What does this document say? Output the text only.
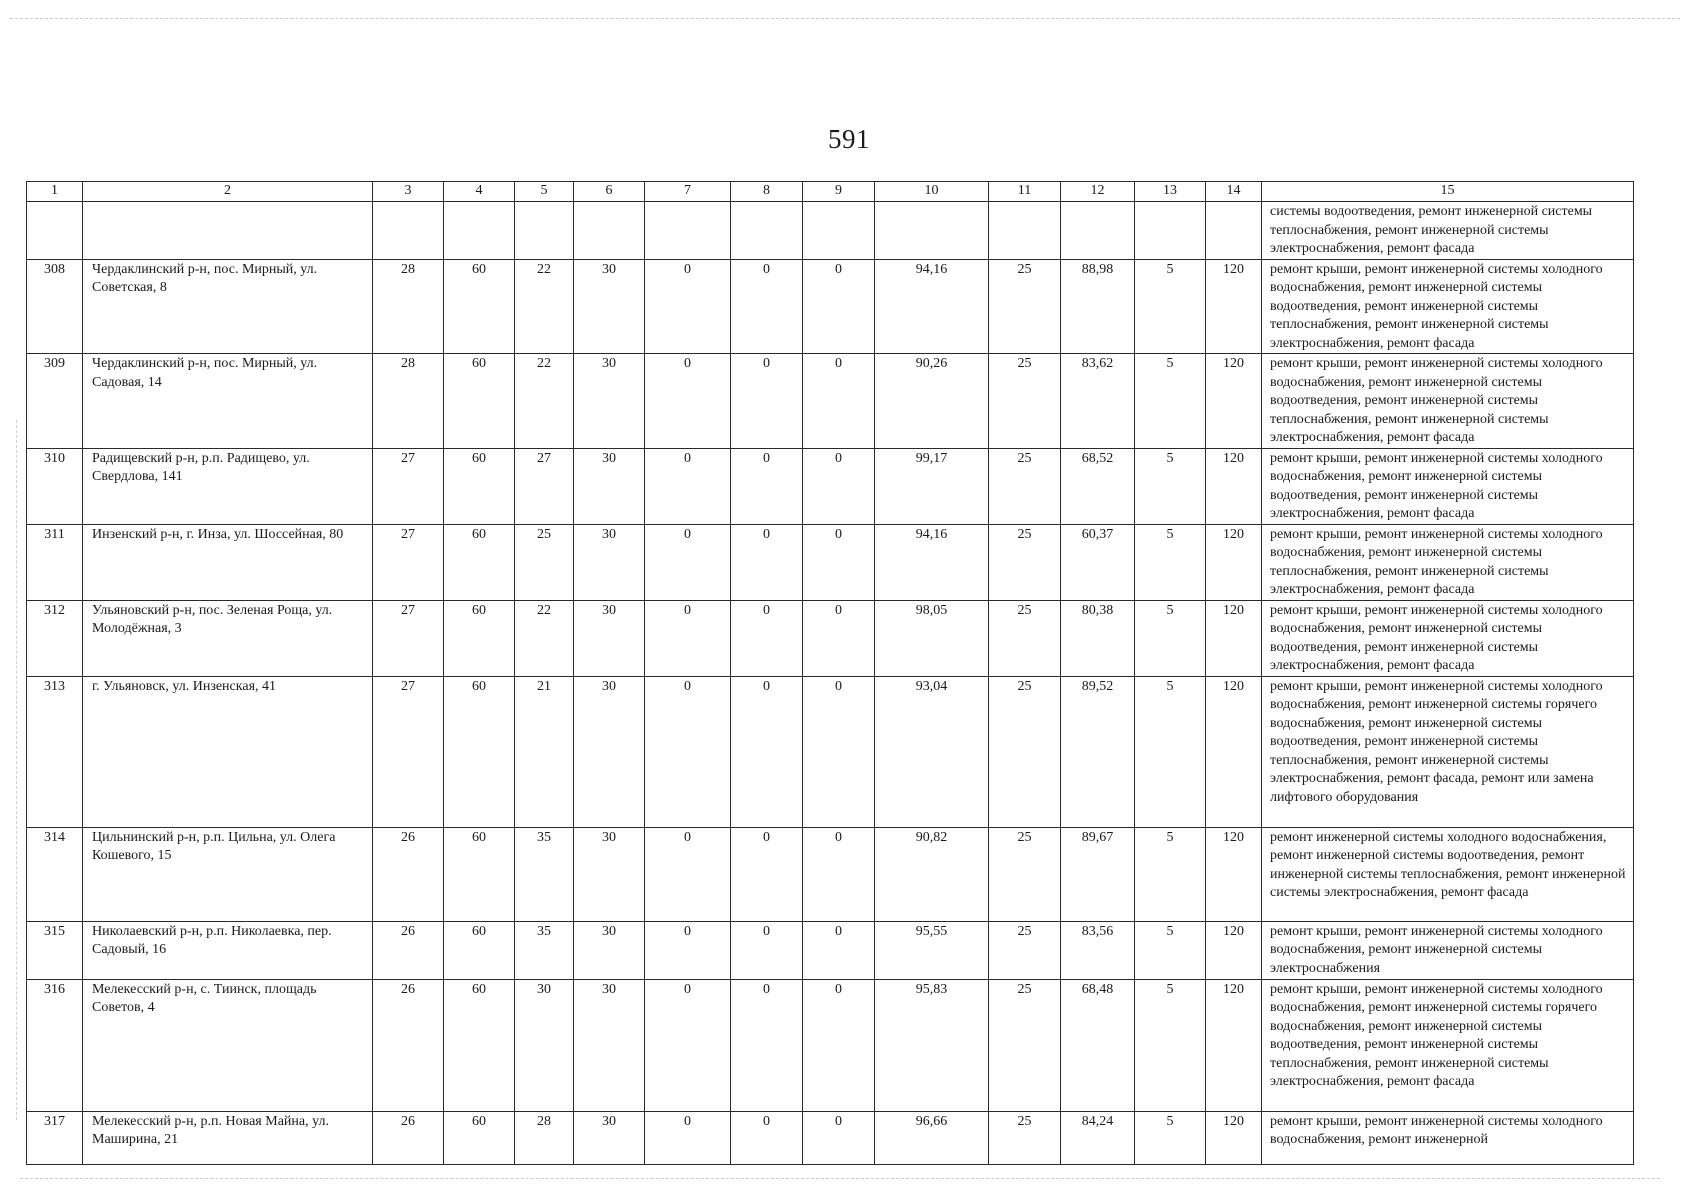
591
1	2	3	4	5	6	7	8	9	10	11	12	13	14	15
														системы водоотведения, ремонт инженерной системы теплоснабжения, ремонт инженерной системы электроснабжения, ремонт фасада
308	Чердаклинский р-н, пос. Мирный, ул. Советская, 8	28	60	22	30	0	0	0	94,16	25	88,98	5	120	ремонт крыши, ремонт инженерной системы холодного водоснабжения, ремонт инженерной системы водоотведения, ремонт инженерной системы теплоснабжения, ремонт инженерной системы электроснабжения, ремонт фасада
309	Чердаклинский р-н, пос. Мирный, ул. Садовая, 14	28	60	22	30	0	0	0	90,26	25	83,62	5	120	ремонт крыши, ремонт инженерной системы холодного водоснабжения, ремонт инженерной системы водоотведения, ремонт инженерной системы теплоснабжения, ремонт инженерной системы электроснабжения, ремонт фасада
310	Радищевский р-н, р.п. Радищево, ул. Свердлова, 141	27	60	27	30	0	0	0	99,17	25	68,52	5	120	ремонт крыши, ремонт инженерной системы холодного водоснабжения, ремонт инженерной системы водоотведения, ремонт инженерной системы электроснабжения, ремонт фасада
311	Инзенский р-н, г. Инза, ул. Шоссейная, 80	27	60	25	30	0	0	0	94,16	25	60,37	5	120	ремонт крыши, ремонт инженерной системы холодного водоснабжения, ремонт инженерной системы теплоснабжения, ремонт инженерной системы электроснабжения, ремонт фасада
312	Ульяновский р-н, пос. Зеленая Роща, ул. Молодёжная, 3	27	60	22	30	0	0	0	98,05	25	80,38	5	120	ремонт крыши, ремонт инженерной системы холодного водоснабжения, ремонт инженерной системы водоотведения, ремонт инженерной системы электроснабжения, ремонт фасада
313	г. Ульяновск, ул. Инзенская, 41	27	60	21	30	0	0	0	93,04	25	89,52	5	120	ремонт крыши, ремонт инженерной системы холодного водоснабжения, ремонт инженерной системы горячего водоснабжения, ремонт инженерной системы водоотведения, ремонт инженерной системы теплоснабжения, ремонт инженерной системы электроснабжения, ремонт фасада, ремонт или замена лифтового оборудования
314	Цильнинский р-н, р.п. Цильна, ул. Олега Кошевого, 15	26	60	35	30	0	0	0	90,82	25	89,67	5	120	ремонт инженерной системы холодного водоснабжения, ремонт инженерной системы водоотведения, ремонт инженерной системы теплоснабжения, ремонт инженерной системы электроснабжения, ремонт фасада
315	Николаевский р-н, р.п. Николаевка, пер. Садовый, 16	26	60	35	30	0	0	0	95,55	25	83,56	5	120	ремонт крыши, ремонт инженерной системы холодного водоснабжения, ремонт инженерной системы электроснабжения
316	Мелекесский р-н, с. Тиинск, площадь Советов, 4	26	60	30	30	0	0	0	95,83	25	68,48	5	120	ремонт крыши, ремонт инженерной системы холодного водоснабжения, ремонт инженерной системы горячего водоснабжения, ремонт инженерной системы водоотведения, ремонт инженерной системы теплоснабжения, ремонт инженерной системы электроснабжения, ремонт фасада
317	Мелекесский р-н, р.п. Новая Майна, ул. Маширина, 21	26	60	28	30	0	0	0	96,66	25	84,24	5	120	ремонт крыши, ремонт инженерной системы холодного водоснабжения, ремонт инженерной
